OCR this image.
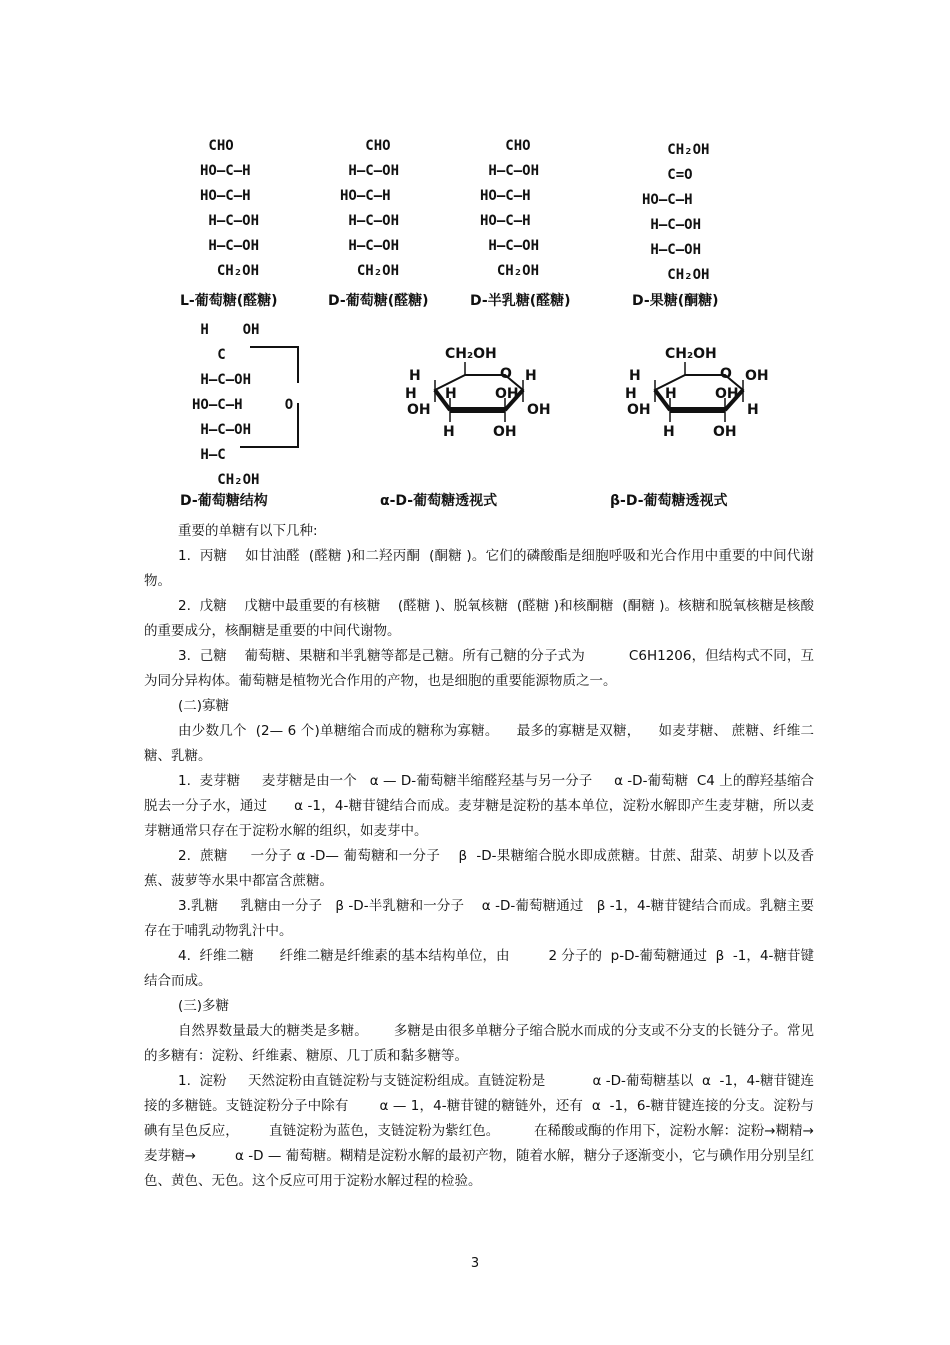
CHO
HO—C—H
HO—C—H
H—C—OH
H—C—OH
CH₂OH
L-葡萄糖(醛糖)
CHO
H—C—OH
HO—C—H
H—C—OH
H—C—OH
CH₂OH
D-葡萄糖(醛糖)
CHO
H—C—OH
HO—C—H
HO—C—H
H—C—OH
CH₂OH
D-半乳糖(醛糖)
CH₂OH
C=O
HO—C—H
H—C—OH
H—C—OH
CH₂OH
D-果糖(酮糖)
H    OH
C
H—C—OH
HO—C—H     O
H—C—OH
H—C
CH₂OH
D-葡萄糖结构
CH₂OH
H	O H
H
OH
H	OH
OH
H	OH
α-D-葡萄糖透视式
CH₂OH
H	O OH
H
OH
H
H
OH
H	OH
β-D-葡萄糖透视式

重要的单糖有以下几种:

1.  丙糖    如甘油醛  (醛糖 )和二羟丙酮  (酮糖 )。它们的磷酸酯是细胞呼吸和光合作用中重要的中间代谢物。

2.  戊糖    戊糖中最重要的有核糖    (醛糖 )、脱氧核糖  (醛糖 )和核酮糖  (酮糖 )。核糖和脱氧核糖是核酸的重要成分，核酮糖是重要的中间代谢物。

3.  己糖    葡萄糖、果糖和半乳糖等都是己糖。所有己糖的分子式为          C6H1206，但结构式不同，互为同分异构体。葡萄糖是植物光合作用的产物，也是细胞的重要能源物质之一。

(二)寡糖

由少数几个  (2— 6 个)单糖缩合而成的糖称为寡糖。    最多的寡糖是双糖，    如麦芽糖、 蔗糖、纤维二糖、乳糖。

1.  麦芽糖     麦芽糖是由一个   α — D-葡萄糖半缩醛羟基与另一分子     α -D-葡萄糖  C4 上的醇羟基缩合脱去一分子水，通过      α -1，4-糖苷键结合而成。麦芽糖是淀粉的基本单位，淀粉水解即产生麦芽糖，所以麦芽糖通常只存在于淀粉水解的组织，如麦芽中。

2.  蔗糖     一分子 α -D— 葡萄糖和一分子    β  -D-果糖缩合脱水即成蔗糖。甘蔗、甜菜、胡萝卜以及香蕉、菠萝等水果中都富含蔗糖。

3.乳糖     乳糖由一分子   β -D-半乳糖和一分子    α -D-葡萄糖通过   β -1，4-糖苷键结合而成。乳糖主要存在于哺乳动物乳汁中。

4.  纤维二糖      纤维二糖是纤维素的基本结构单位，由         2 分子的  p-D-葡萄糖通过  β  -1，4-糖苷键结合而成。

(三)多糖

自然界数量最大的糖类是多糖。      多糖是由很多单糖分子缩合脱水而成的分支或不分支的长链分子。常见的多糖有：淀粉、纤维素、糖原、几丁质和黏多糖等。

1.  淀粉     天然淀粉由直链淀粉与支链淀粉组成。直链淀粉是           α -D-葡萄糖基以  α  -1，4-糖苷键连接的多糖链。支链淀粉分子中除有       α — 1，4-糖苷键的糖链外，还有  α  -1，6-糖苷键连接的分支。淀粉与碘有呈色反应，       直链淀粉为蓝色，支链淀粉为紫红色。        在稀酸或酶的作用下，淀粉水解：淀粉→糊精→麦芽糖→         α -D — 葡萄糖。糊精是淀粉水解的最初产物，随着水解，糖分子逐渐变小，它与碘作用分别呈红色、黄色、无色。这个反应可用于淀粉水解过程的检验。

3
